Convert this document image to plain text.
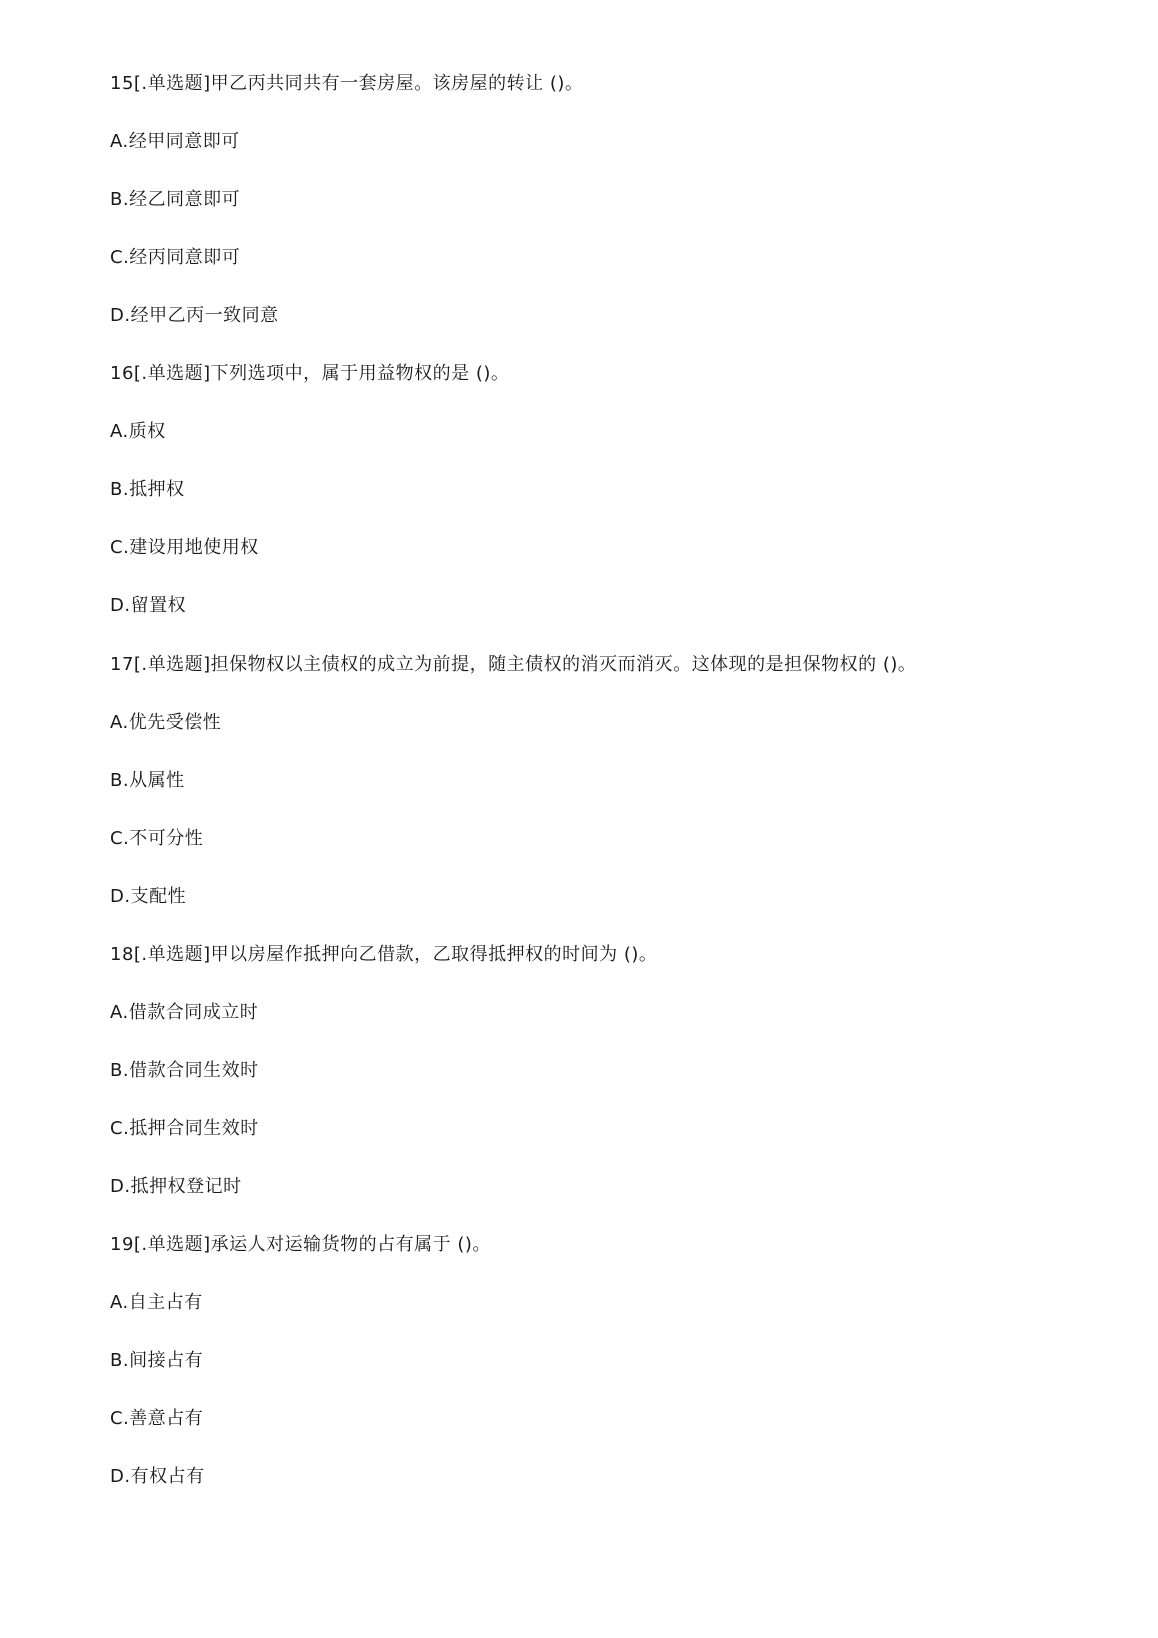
15[.单选题]甲乙丙共同共有一套房屋。该房屋的转让 ()。
A.经甲同意即可
B.经乙同意即可
C.经丙同意即可
D.经甲乙丙一致同意
16[.单选题]下列选项中，属于用益物权的是 ()。
A.质权
B.抵押权
C.建设用地使用权
D.留置权
17[.单选题]担保物权以主债权的成立为前提，随主债权的消灭而消灭。这体现的是担保物权的 ()。
A.优先受偿性
B.从属性
C.不可分性
D.支配性
18[.单选题]甲以房屋作抵押向乙借款，乙取得抵押权的时间为 ()。
A.借款合同成立时
B.借款合同生效时
C.抵押合同生效时
D.抵押权登记时
19[.单选题]承运人对运输货物的占有属于 ()。
A.自主占有
B.间接占有
C.善意占有
D.有权占有
